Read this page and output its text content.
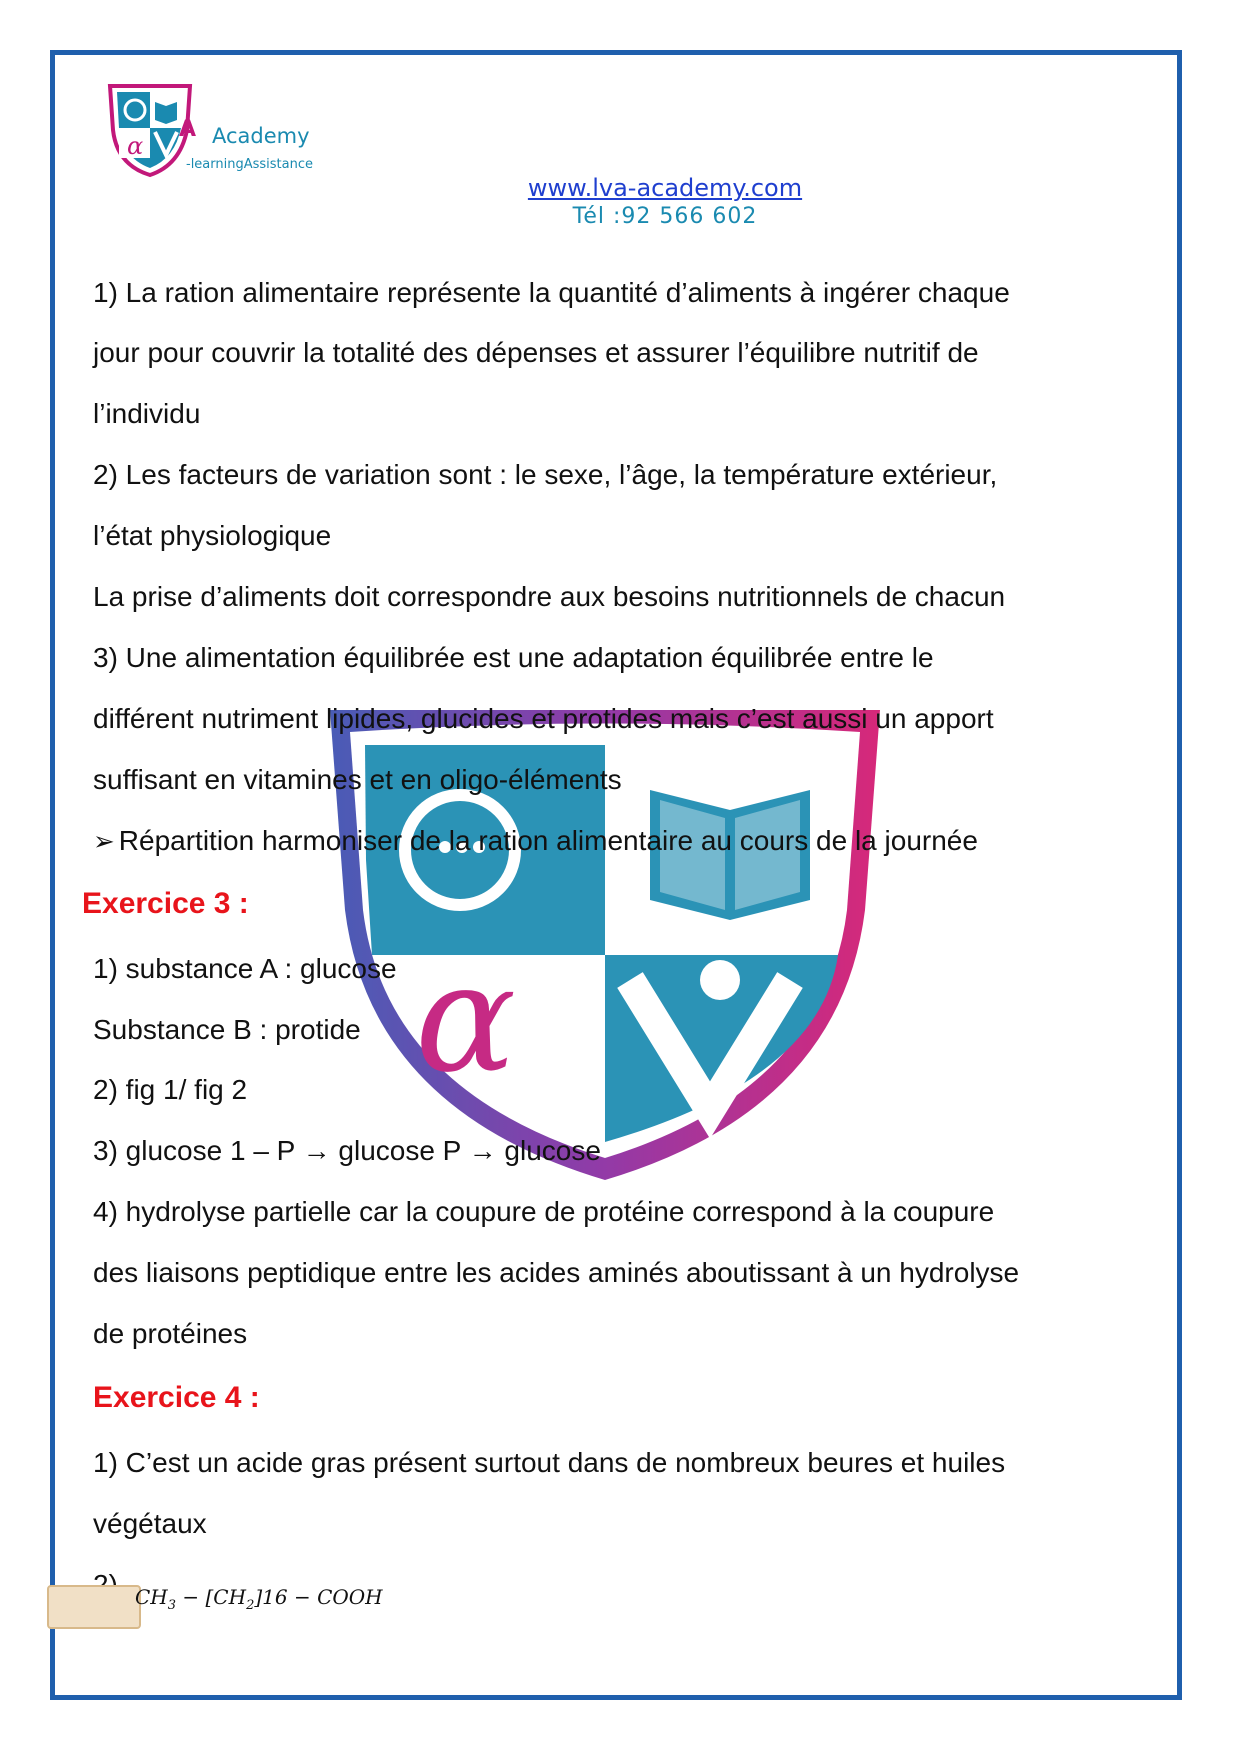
α
A Academy
-learningAssistance
www.lva-academy.com
Tél :92 566 602
α
1) La ration alimentaire représente la quantité d’aliments à ingérer chaque
jour pour couvrir la totalité des dépenses et assurer l’équilibre nutritif de
l’individu
2) Les facteurs de variation sont : le sexe, l’âge, la température extérieur,
l’état physiologique
La prise d’aliments doit correspondre aux besoins nutritionnels de chacun
3) Une alimentation équilibrée est une adaptation équilibrée entre le
différent nutriment lipides, glucides et protides mais c’est aussi un apport
suffisant en vitamines et en oligo-éléments
➢ Répartition harmoniser de la ration alimentaire au cours de la journée
Exercice 3 :
1) substance A : glucose
Substance B : protide
2) fig 1/ fig 2
3) glucose 1 – P → glucose P → glucose
4) hydrolyse partielle car la coupure de protéine correspond à la coupure
des liaisons peptidique entre les acides aminés aboutissant à un hydrolyse
de protéines
Exercice 4 :
1) C’est un acide gras présent surtout dans de nombreux beures et huiles
végétaux
$CH_3 - [CH_2]16$ − COOH
